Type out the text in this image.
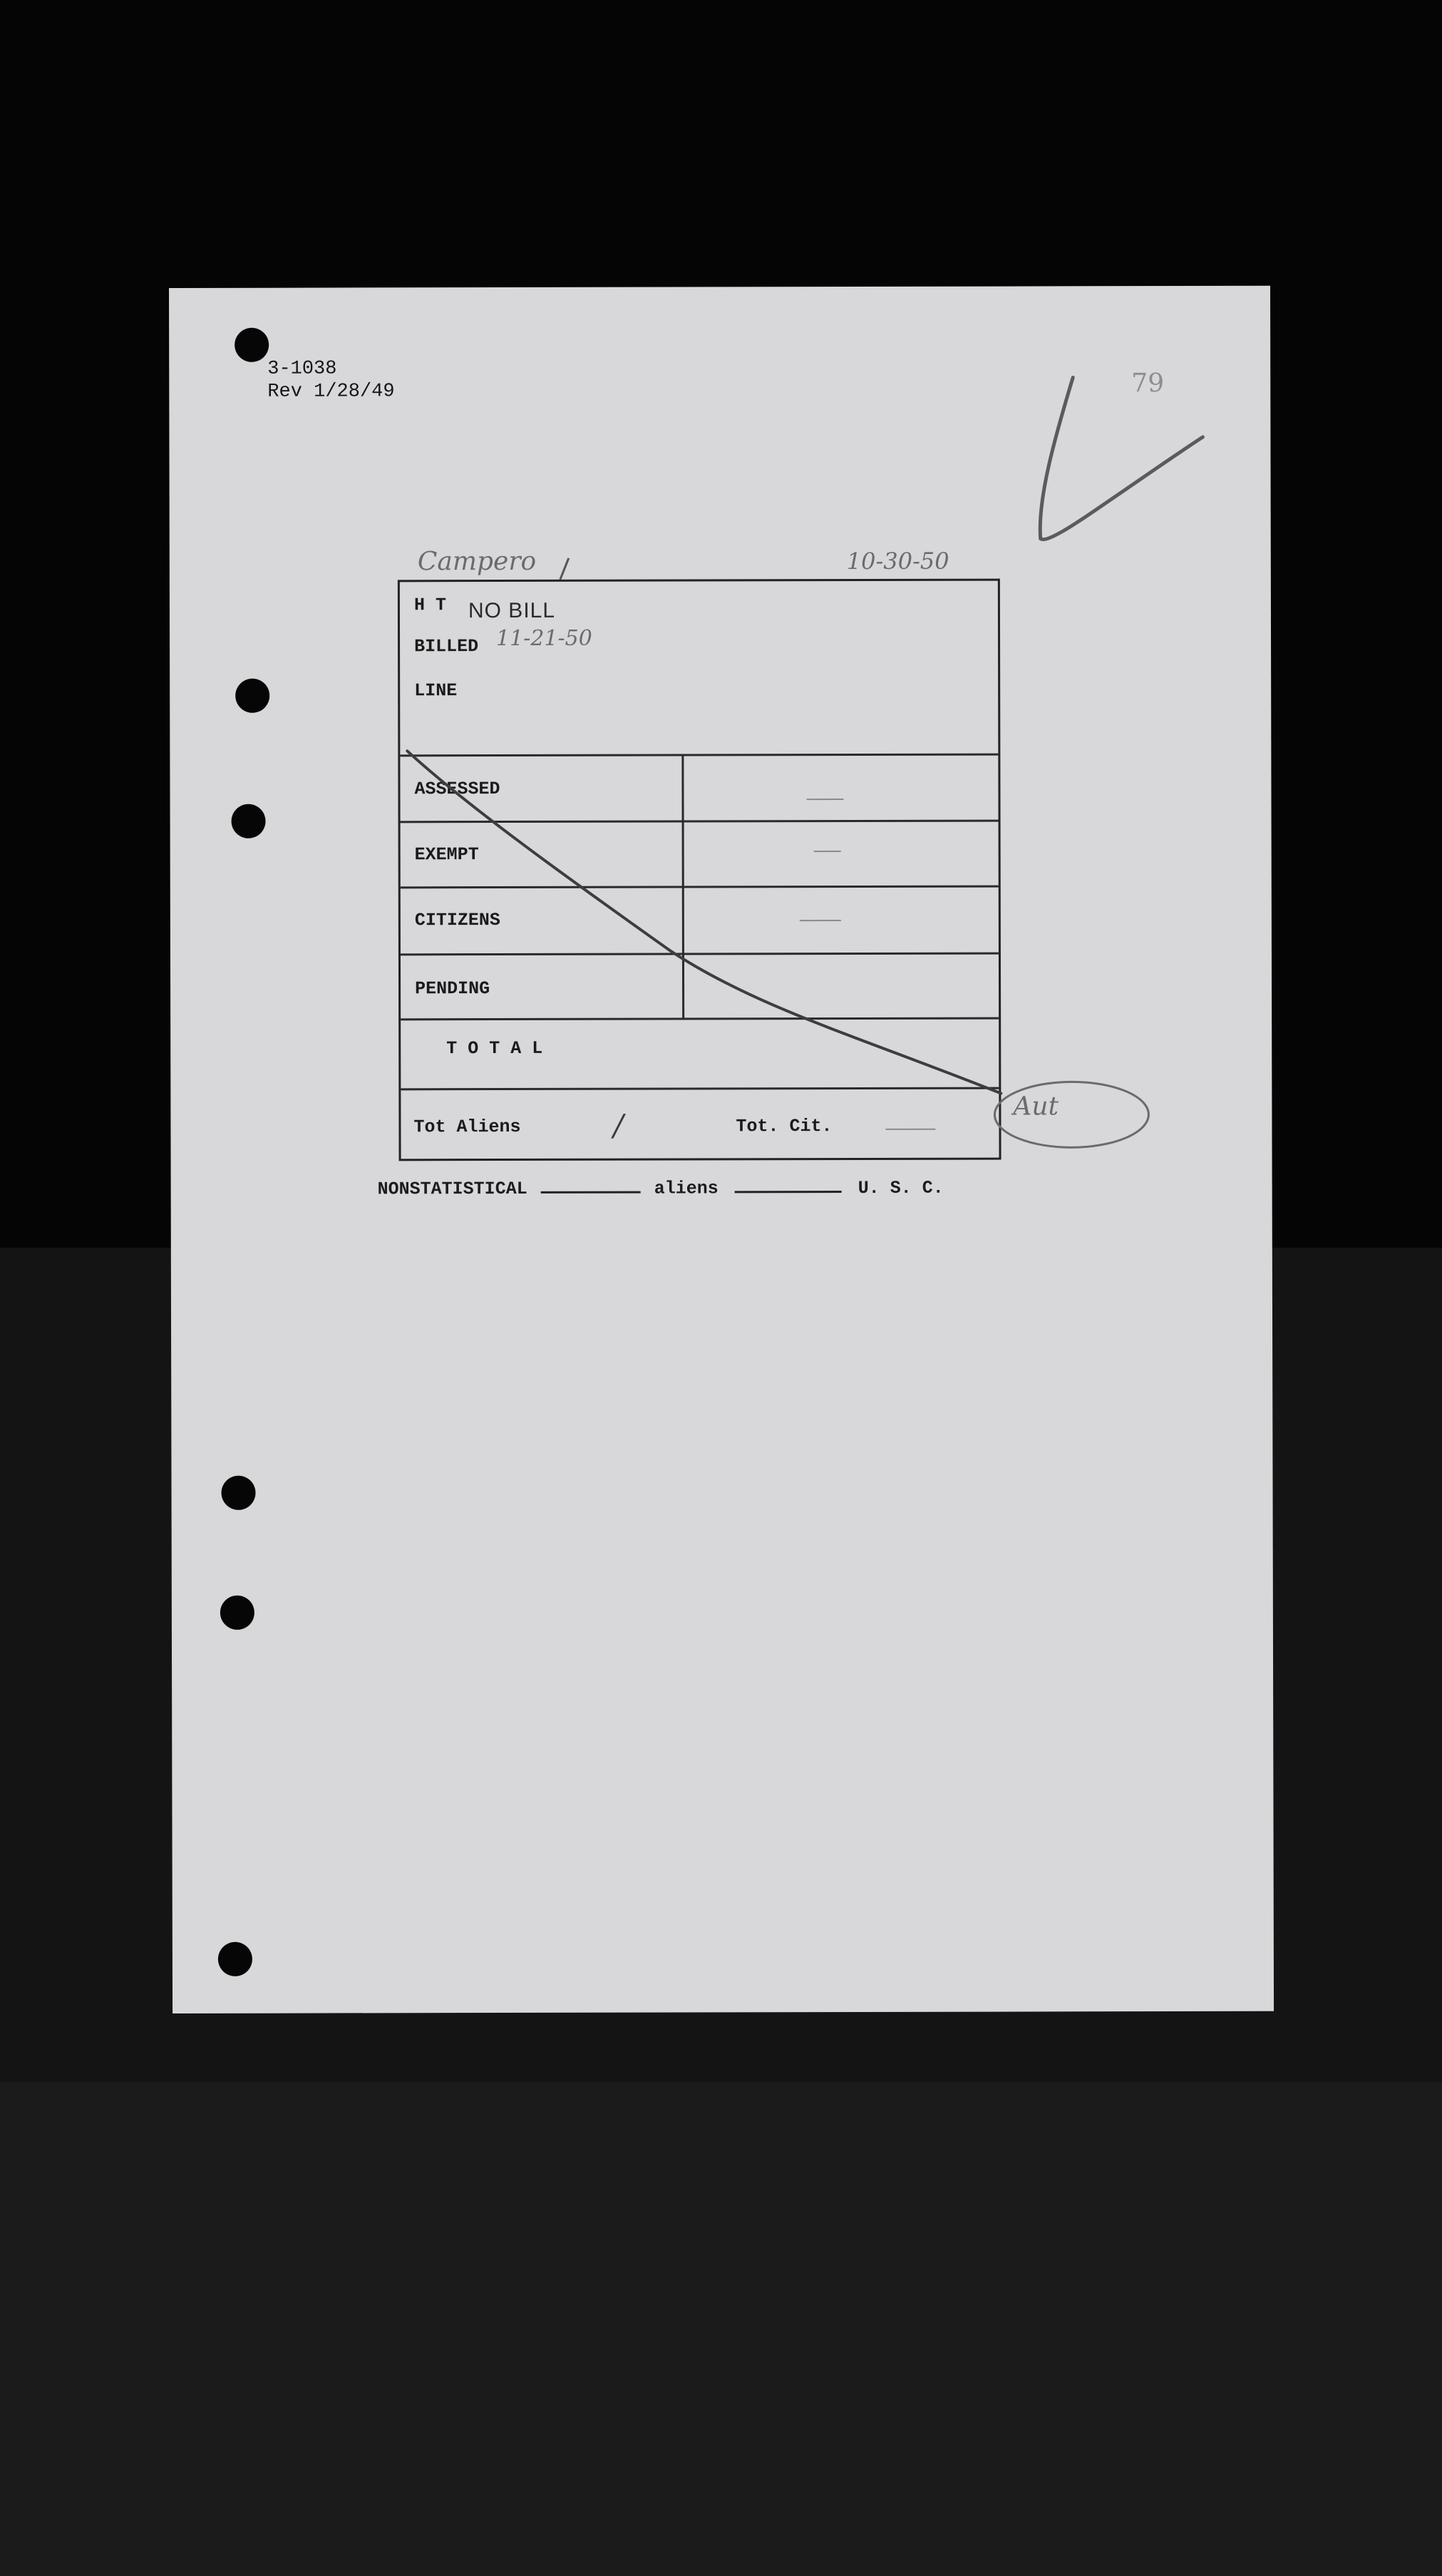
3-1038
Rev 1/28/49	79
Campero	10-30-50
H T NO BILL
BILLED 11-21-50
LINE
ASSESSED
EXEMPT
CITIZENS
PENDING
T O T A L
Tot Aliens	/	Tot. Cit.
Aut
NONSTATISTICAL	aliens	U. S. C.
